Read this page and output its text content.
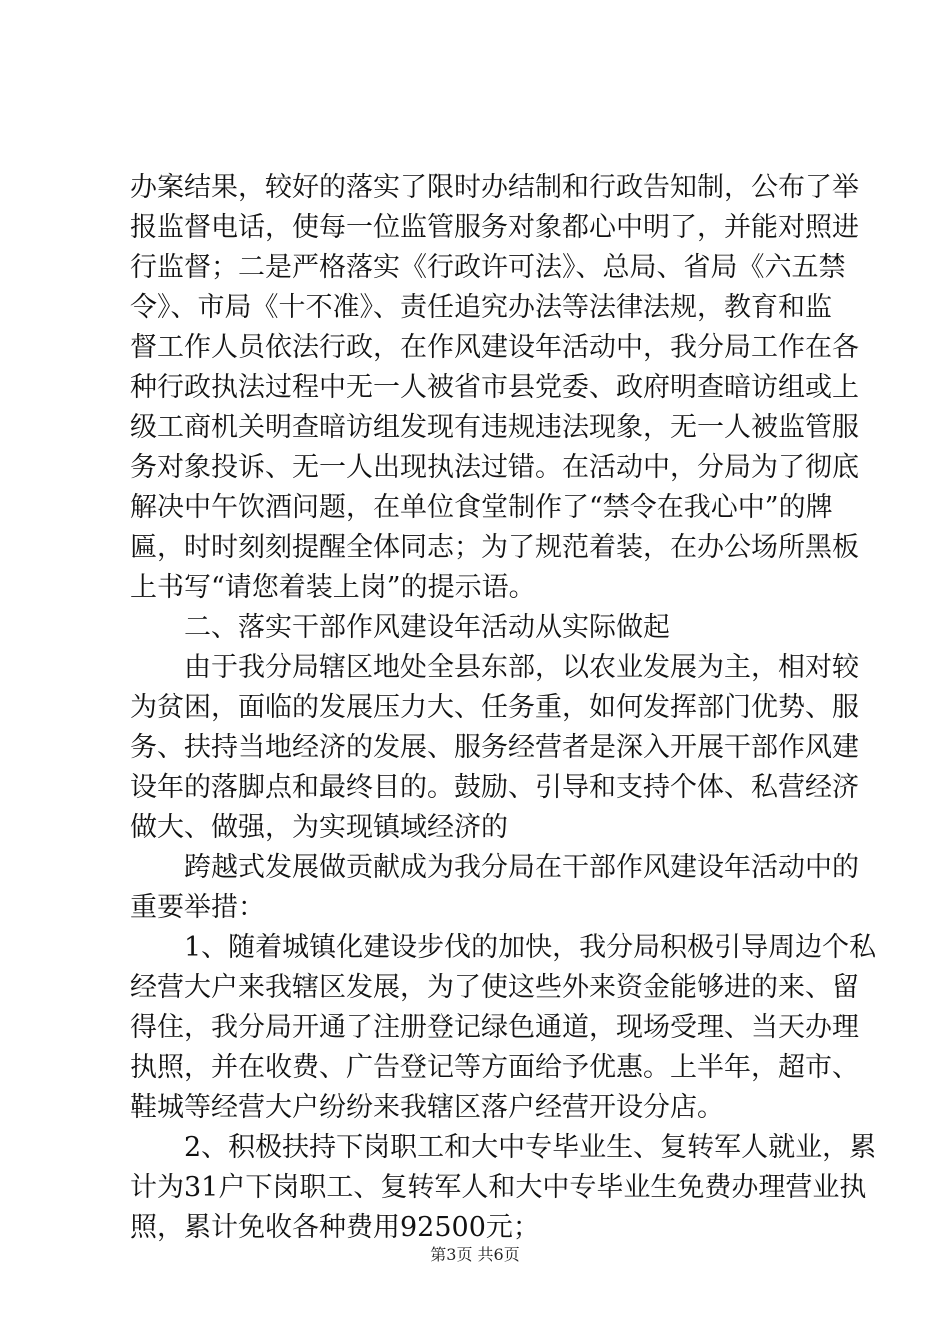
办案结果，较好的落实了限时办结制和行政告知制，公布了举
报监督电话，使每一位监管服务对象都心中明了，并能对照进
行监督；二是严格落实《行政许可法》、总局、省局《六五禁
令》、市局《十不准》、责任追究办法等法律法规，教育和监
督工作人员依法行政，在作风建设年活动中，我分局工作在各
种行政执法过程中无一人被省市县党委、政府明查暗访组或上
级工商机关明查暗访组发现有违规违法现象，无一人被监管服
务对象投诉、无一人出现执法过错。在活动中，分局为了彻底
解决中午饮酒问题，在单位食堂制作了“禁令在我心中”的牌
匾，时时刻刻提醒全体同志；为了规范着装，在办公场所黑板
上书写“请您着装上岗”的提示语。
　　二、落实干部作风建设年活动从实际做起
　　由于我分局辖区地处全县东部，以农业发展为主，相对较
为贫困，面临的发展压力大、任务重，如何发挥部门优势、服
务、扶持当地经济的发展、服务经营者是深入开展干部作风建
设年的落脚点和最终目的。鼓励、引导和支持个体、私营经济
做大、做强，为实现镇域经济的
　　跨越式发展做贡献成为我分局在干部作风建设年活动中的
重要举措：
　　1、随着城镇化建设步伐的加快，我分局积极引导周边个私
经营大户来我辖区发展，为了使这些外来资金能够进的来、留
得住，我分局开通了注册登记绿色通道，现场受理、当天办理
执照，并在收费、广告登记等方面给予优惠。上半年，超市、
鞋城等经营大户纷纷来我辖区落户经营开设分店。
　　2、积极扶持下岗职工和大中专毕业生、复转军人就业，累
计为31户下岗职工、复转军人和大中专毕业生免费办理营业执
照，累计免收各种费用92500元；
第3页 共6页
